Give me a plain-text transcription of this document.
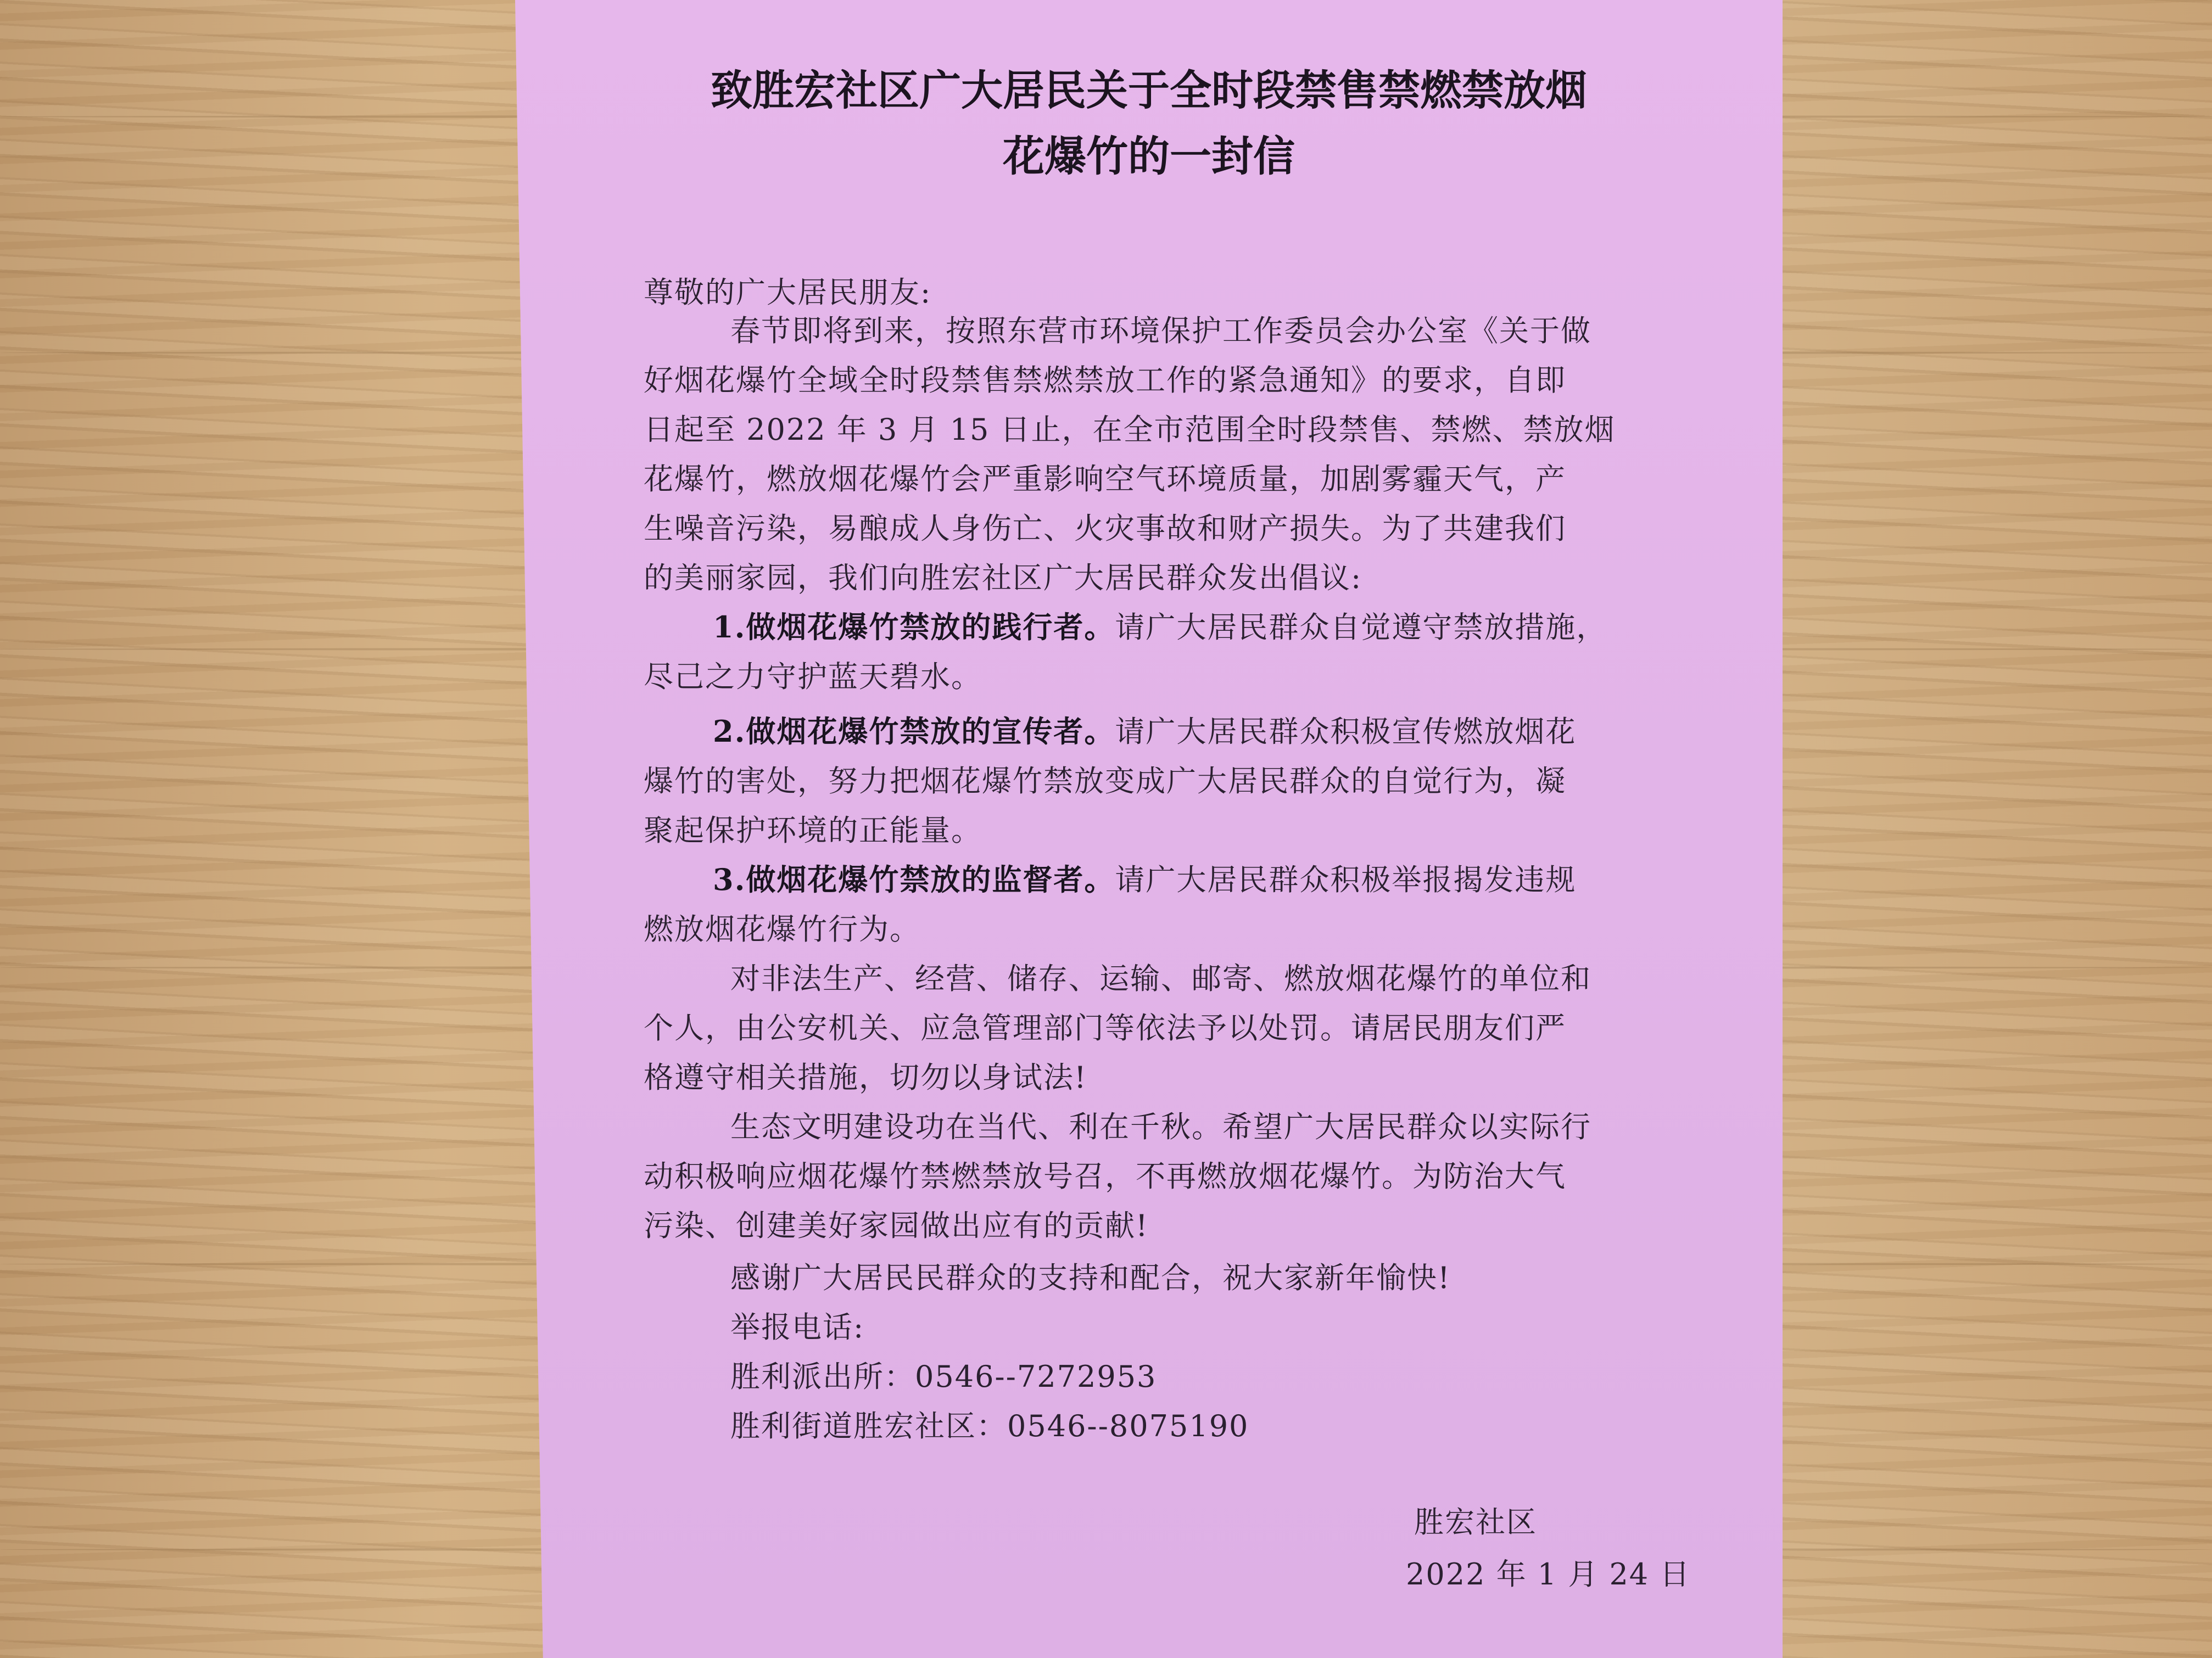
致胜宏社区广大居民关于全时段禁售禁燃禁放烟
花爆竹的一封信
尊敬的广大居民朋友:
春节即将到来，按照东营市环境保护工作委员会办公室《关于做
好烟花爆竹全域全时段禁售禁燃禁放工作的紧急通知》的要求，自即
日起至 2022 年 3 月 15 日止，在全市范围全时段禁售、禁燃、禁放烟
花爆竹，燃放烟花爆竹会严重影响空气环境质量，加剧雾霾天气，产
生噪音污染，易酿成人身伤亡、火灾事故和财产损失。为了共建我们
的美丽家园，我们向胜宏社区广大居民群众发出倡议:
1.做烟花爆竹禁放的践行者。请广大居民群众自觉遵守禁放措施，
尽己之力守护蓝天碧水。
2.做烟花爆竹禁放的宣传者。请广大居民群众积极宣传燃放烟花
爆竹的害处，努力把烟花爆竹禁放变成广大居民群众的自觉行为，凝
聚起保护环境的正能量。
3.做烟花爆竹禁放的监督者。请广大居民群众积极举报揭发违规
燃放烟花爆竹行为。
对非法生产、经营、储存、运输、邮寄、燃放烟花爆竹的单位和
个人，由公安机关、应急管理部门等依法予以处罚。请居民朋友们严
格遵守相关措施，切勿以身试法!
生态文明建设功在当代、利在千秋。希望广大居民群众以实际行
动积极响应烟花爆竹禁燃禁放号召，不再燃放烟花爆竹。为防治大气
污染、创建美好家园做出应有的贡献!
感谢广大居民民群众的支持和配合，祝大家新年愉快!
举报电话:
胜利派出所：0546--7272953
胜利街道胜宏社区：0546--8075190
胜宏社区
2022 年 1 月 24 日
